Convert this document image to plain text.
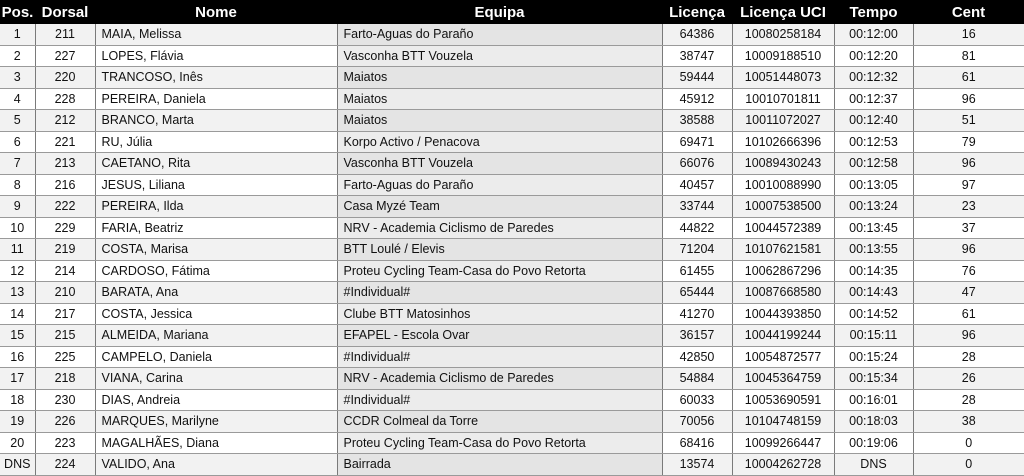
Pos.	Dorsal	Nome	Equipa	Licença	Licença UCI	Tempo	Cent
1	211	MAIA, Melissa	Farto-Aguas do Paraño	64386	10080258184	00:12:00	16
2	227	LOPES, Flávia	Vasconha BTT Vouzela	38747	10009188510	00:12:20	81
3	220	TRANCOSO, Inês	Maiatos	59444	10051448073	00:12:32	61
4	228	PEREIRA, Daniela	Maiatos	45912	10010701811	00:12:37	96
5	212	BRANCO, Marta	Maiatos	38588	10011072027	00:12:40	51
6	221	RU, Júlia	Korpo Activo / Penacova	69471	10102666396	00:12:53	79
7	213	CAETANO, Rita	Vasconha BTT Vouzela	66076	10089430243	00:12:58	96
8	216	JESUS, Liliana	Farto-Aguas do Paraño	40457	10010088990	00:13:05	97
9	222	PEREIRA, Ilda	Casa Myzé Team	33744	10007538500	00:13:24	23
10	229	FARIA, Beatriz	NRV - Academia Ciclismo de Paredes	44822	10044572389	00:13:45	37
11	219	COSTA, Marisa	BTT Loulé / Elevis	71204	10107621581	00:13:55	96
12	214	CARDOSO, Fátima	Proteu Cycling Team-Casa do Povo Retorta	61455	10062867296	00:14:35	76
13	210	BARATA, Ana	#Individual#	65444	10087668580	00:14:43	47
14	217	COSTA, Jessica	Clube BTT Matosinhos	41270	10044393850	00:14:52	61
15	215	ALMEIDA, Mariana	EFAPEL - Escola Ovar	36157	10044199244	00:15:11	96
16	225	CAMPELO, Daniela	#Individual#	42850	10054872577	00:15:24	28
17	218	VIANA, Carina	NRV - Academia Ciclismo de Paredes	54884	10045364759	00:15:34	26
18	230	DIAS, Andreia	#Individual#	60033	10053690591	00:16:01	28
19	226	MARQUES, Marilyne	CCDR Colmeal da Torre	70056	10104748159	00:18:03	38
20	223	MAGALHÃES, Diana	Proteu Cycling Team-Casa do Povo Retorta	68416	10099266447	00:19:06	0
DNS	224	VALIDO, Ana	Bairrada	13574	10004262728	DNS	0
